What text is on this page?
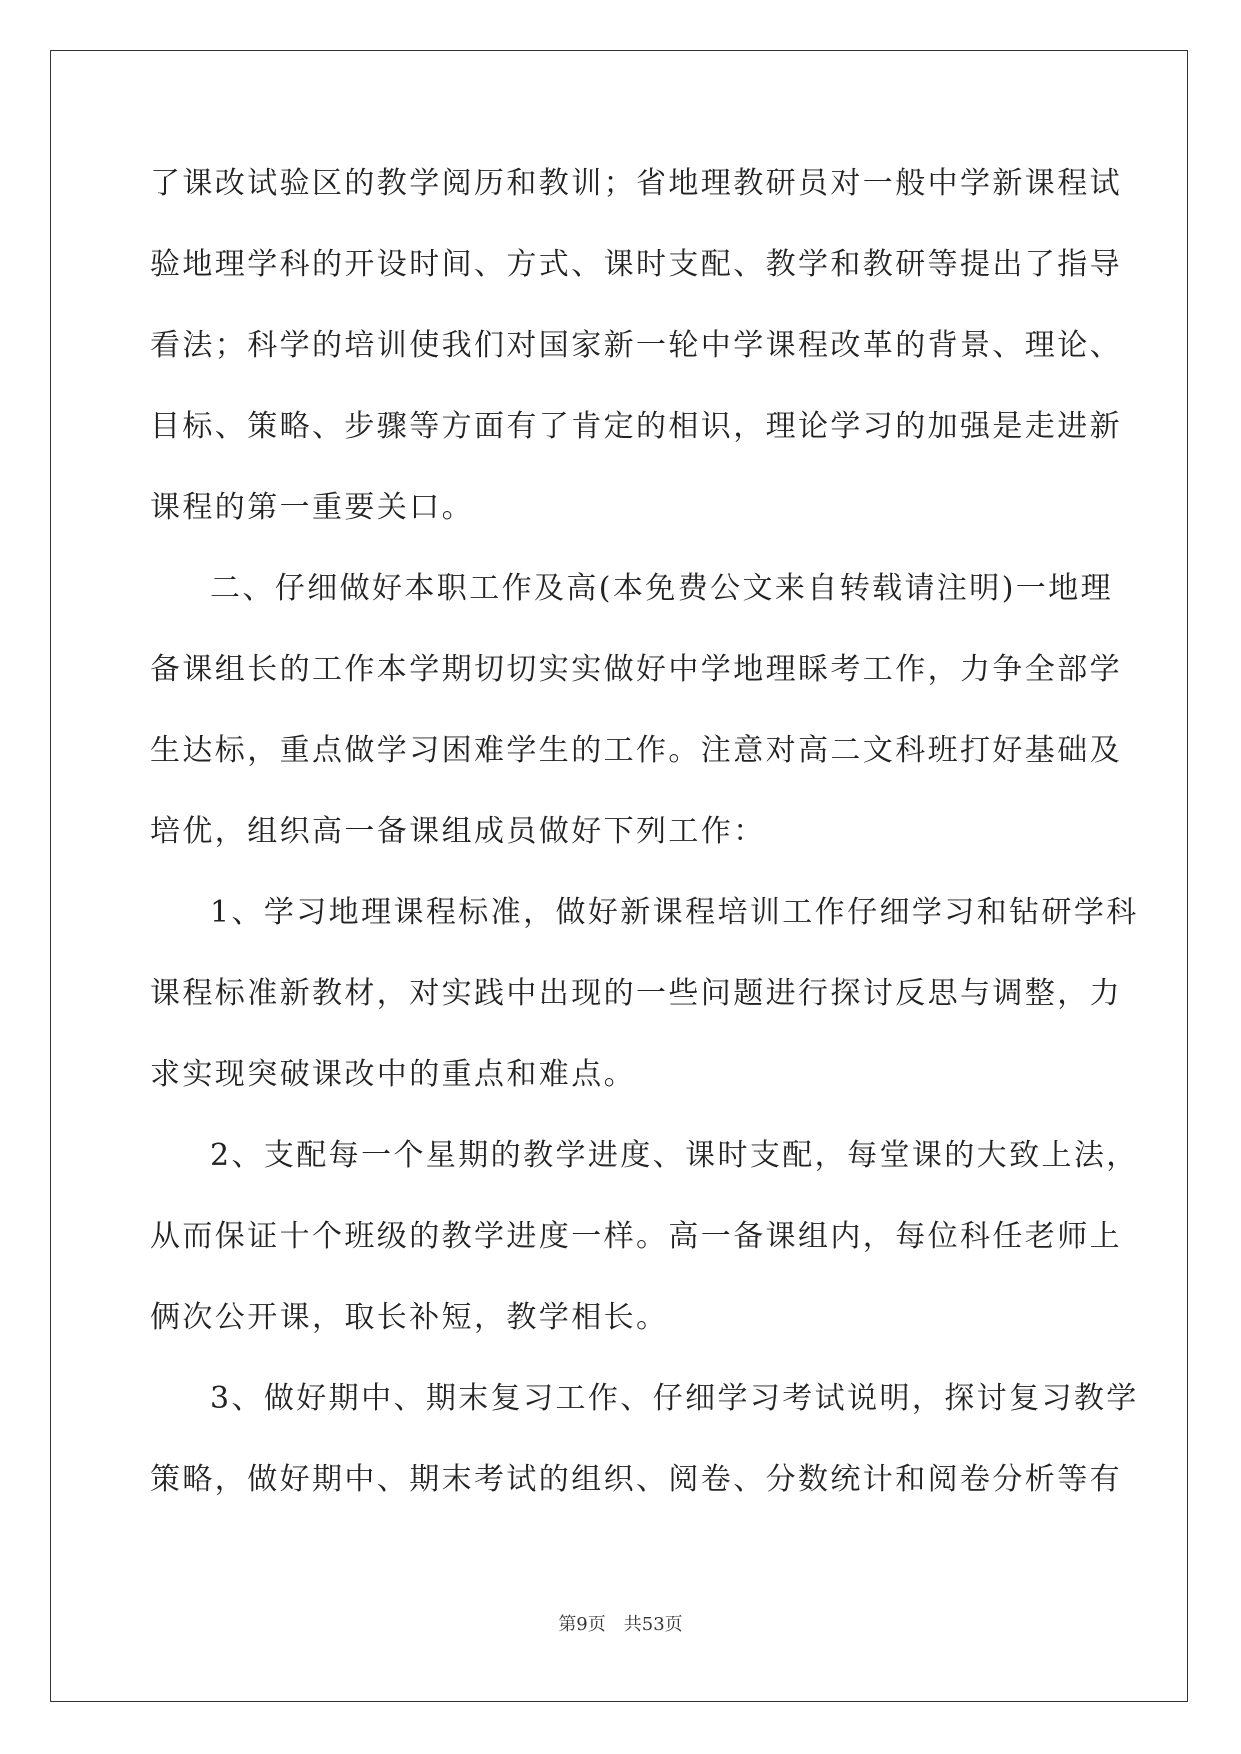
了课改试验区的教学阅历和教训；省地理教研员对一般中学新课程试
验地理学科的开设时间、方式、课时支配、教学和教研等提出了指导
看法；科学的培训使我们对国家新一轮中学课程改革的背景、理论、
目标、策略、步骤等方面有了肯定的相识，理论学习的加强是走进新
课程的第一重要关口。
二、仔细做好本职工作及高(本免费公文来自转载请注明)一地理
备课组长的工作本学期切切实实做好中学地理睬考工作，力争全部学
生达标，重点做学习困难学生的工作。注意对高二文科班打好基础及
培优，组织高一备课组成员做好下列工作：
1、学习地理课程标准，做好新课程培训工作仔细学习和钻研学科
课程标准新教材，对实践中出现的一些问题进行探讨反思与调整，力
求实现突破课改中的重点和难点。
2、支配每一个星期的教学进度、课时支配，每堂课的大致上法，
从而保证十个班级的教学进度一样。高一备课组内，每位科任老师上
俩次公开课，取长补短，教学相长。
3、做好期中、期末复习工作、仔细学习考试说明，探讨复习教学
策略，做好期中、期末考试的组织、阅卷、分数统计和阅卷分析等有
第9页 共53页
